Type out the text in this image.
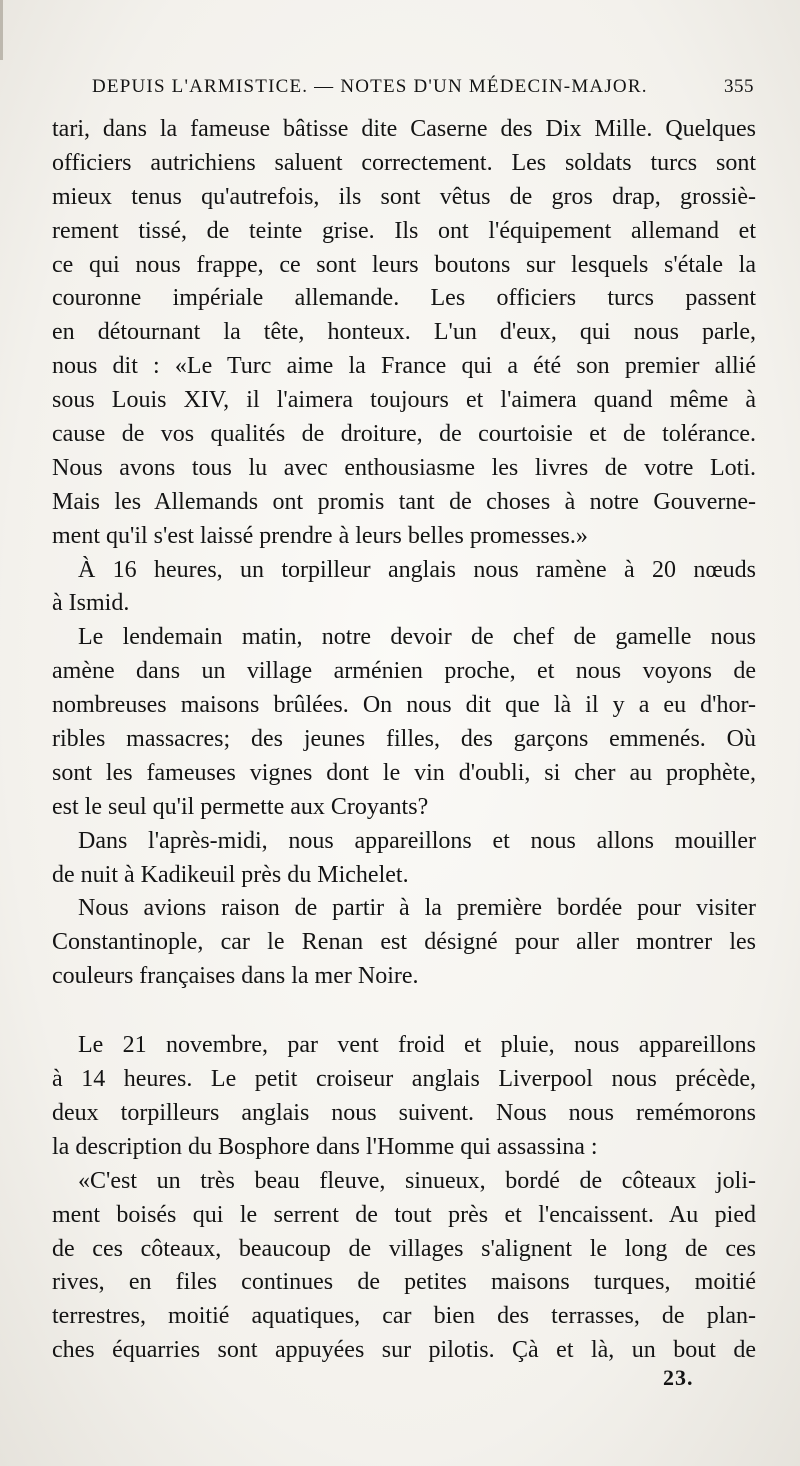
DEPUIS L'ARMISTICE. — NOTES D'UN MÉDECIN-MAJOR.	355
tari, dans la fameuse bâtisse dite Caserne des Dix Mille. Quelques
officiers autrichiens saluent correctement. Les soldats turcs sont
mieux tenus qu'autrefois, ils sont vêtus de gros drap, grossiè-
rement tissé, de teinte grise. Ils ont l'équipement allemand et
ce qui nous frappe, ce sont leurs boutons sur lesquels s'étale la
couronne impériale allemande. Les officiers turcs passent
en détournant la tête, honteux. L'un d'eux, qui nous parle,
nous dit : «Le Turc aime la France qui a été son premier allié
sous Louis XIV, il l'aimera toujours et l'aimera quand même à
cause de vos qualités de droiture, de courtoisie et de tolérance.
Nous avons tous lu avec enthousiasme les livres de votre Loti.
Mais les Allemands ont promis tant de choses à notre Gouverne-
ment qu'il s'est laissé prendre à leurs belles promesses.»
À 16 heures, un torpilleur anglais nous ramène à 20 nœuds
à Ismid.
Le lendemain matin, notre devoir de chef de gamelle nous
amène dans un village arménien proche, et nous voyons de
nombreuses maisons brûlées. On nous dit que là il y a eu d'hor-
ribles massacres; des jeunes filles, des garçons emmenés. Où
sont les fameuses vignes dont le vin d'oubli, si cher au prophète,
est le seul qu'il permette aux Croyants?
Dans l'après-midi, nous appareillons et nous allons mouiller
de nuit à Kadikeuil près du Michelet.
Nous avions raison de partir à la première bordée pour visiter
Constantinople, car le Renan est désigné pour aller montrer les
couleurs françaises dans la mer Noire.
Le 21 novembre, par vent froid et pluie, nous appareillons
à 14 heures. Le petit croiseur anglais Liverpool nous précède,
deux torpilleurs anglais nous suivent. Nous nous remémorons
la description du Bosphore dans l'Homme qui assassina :
«C'est un très beau fleuve, sinueux, bordé de côteaux joli-
ment boisés qui le serrent de tout près et l'encaissent. Au pied
de ces côteaux, beaucoup de villages s'alignent le long de ces
rives, en files continues de petites maisons turques, moitié
terrestres, moitié aquatiques, car bien des terrasses, de plan-
ches équarries sont appuyées sur pilotis. Çà et là, un bout de
23.
